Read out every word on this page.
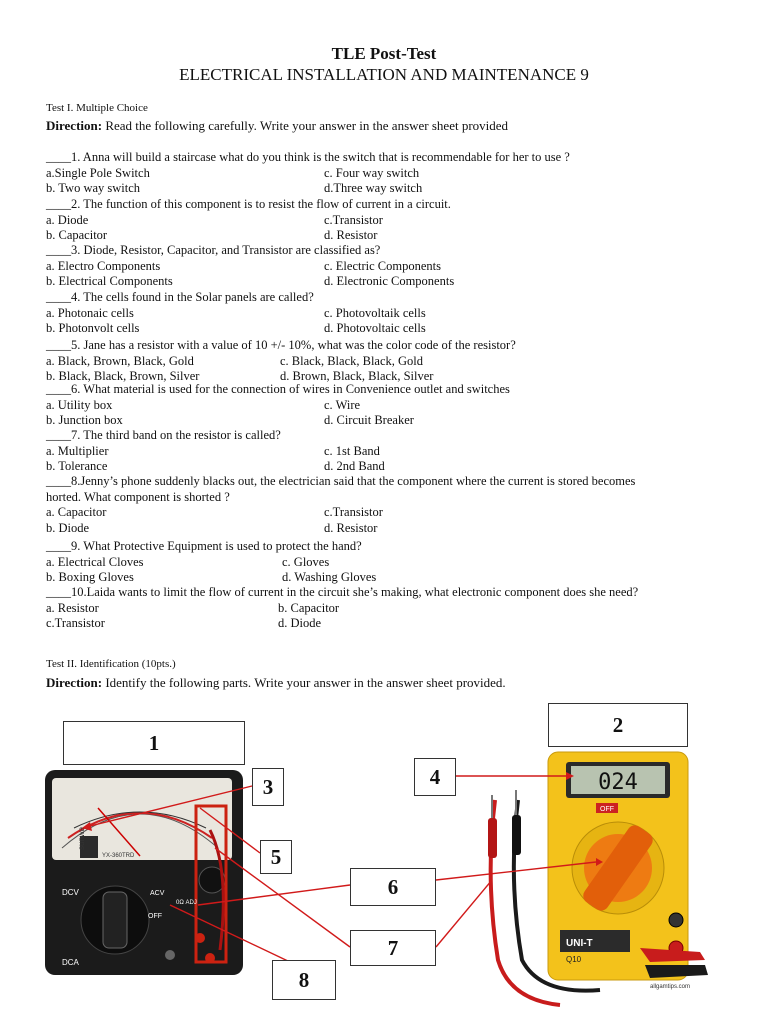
TLE Post-Test
ELECTRICAL INSTALLATION AND MAINTENANCE 9
Test I. Multiple Choice
Direction: Read the following carefully. Write your answer in the answer sheet provided
____1. Anna will build a staircase what do you think is the switch that is recommendable for her to use ?
a.Single Pole Switch	c. Four way switch
b. Two way switch	d.Three way switch
____2. The function of this component is to resist the flow of current in a circuit.
a. Diode	c.Transistor
b. Capacitor	d. Resistor
____3. Diode, Resistor, Capacitor, and Transistor are classified as?
a. Electro Components	c. Electric Components
b. Electrical Components	d. Electronic Components
____4. The cells found in the Solar panels are called?
a. Photonaic cells	c. Photovoltaik cells
b. Photonvolt cells	d. Photovoltaic cells
____5. Jane has a resistor with a value of 10 +/- 10%, what was the color code of the resistor?
a. Black, Brown, Black, Gold	c. Black, Black, Black, Gold
b. Black, Black, Brown, Silver	d. Brown, Black, Black, Silver
____6. What material is used for the connection of wires in Convenience outlet and switches
a. Utility box	c. Wire
b. Junction box	d. Circuit Breaker
____7. The third band on the resistor is called?
a. Multiplier	c. 1st Band
b. Tolerance	d. 2nd Band
____8.Jenny’s phone suddenly blacks out, the electrician said that the component where the current is stored becomes
horted. What component is shorted ?
a. Capacitor	c.Transistor
b. Diode	d. Resistor
____9. What Protective Equipment is used to protect the hand?
a. Electrical Cloves	c. Gloves
b. Boxing Gloves	d. Washing Gloves
____10.Laida wants to limit the flow of current in the circuit she’s making, what electronic component does she need?
a. Resistor	b. Capacitor
c.Transistor	d. Diode
Test II. Identification (10pts.)
Direction: Identify the following parts. Write your answer in the answer sheet provided.
sunwa
YX-360TRD
DCV
DCA
OFF
ACV
0Ω ADJ
024
OFF
UNI-T
Q10
allgamtips.com
1
2
3	4
5
6
7
8
